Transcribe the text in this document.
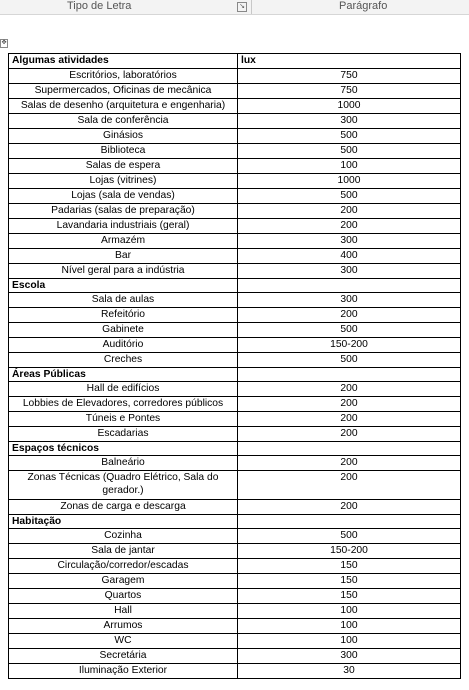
Tipo de Letra	↘	Parágrafo
✥
Algumas atividades	lux
Escritórios, laboratórios	750
Supermercados, Oficinas de mecânica	750
Salas de desenho (arquitetura e engenharia)	1000
Sala de conferência	300
Ginásios	500
Biblioteca	500
Salas de espera	100
Lojas (vitrines)	1000
Lojas (sala de vendas)	500
Padarias (salas de preparação)	200
Lavandaria industriais (geral)	200
Armazém	300
Bar	400
Nível geral para a indústria	300
Escola	
Sala de aulas	300
Refeitório	200
Gabinete	500
Auditório	150-200
Creches	500
Áreas Públicas	
Hall de edifícios	200
Lobbies de Elevadores, corredores públicos	200
Túneis e Pontes	200
Escadarias	200
Espaços técnicos	
Balneário	200
Zonas Técnicas (Quadro Elétrico, Sala do gerador.)	200
Zonas de carga e descarga	200
Habitação	
Cozinha	500
Sala de jantar	150-200
Circulação/corredor/escadas	150
Garagem	150
Quartos	150
Hall	100
Arrumos	100
WC	100
Secretária	300
Iluminação Exterior	30
